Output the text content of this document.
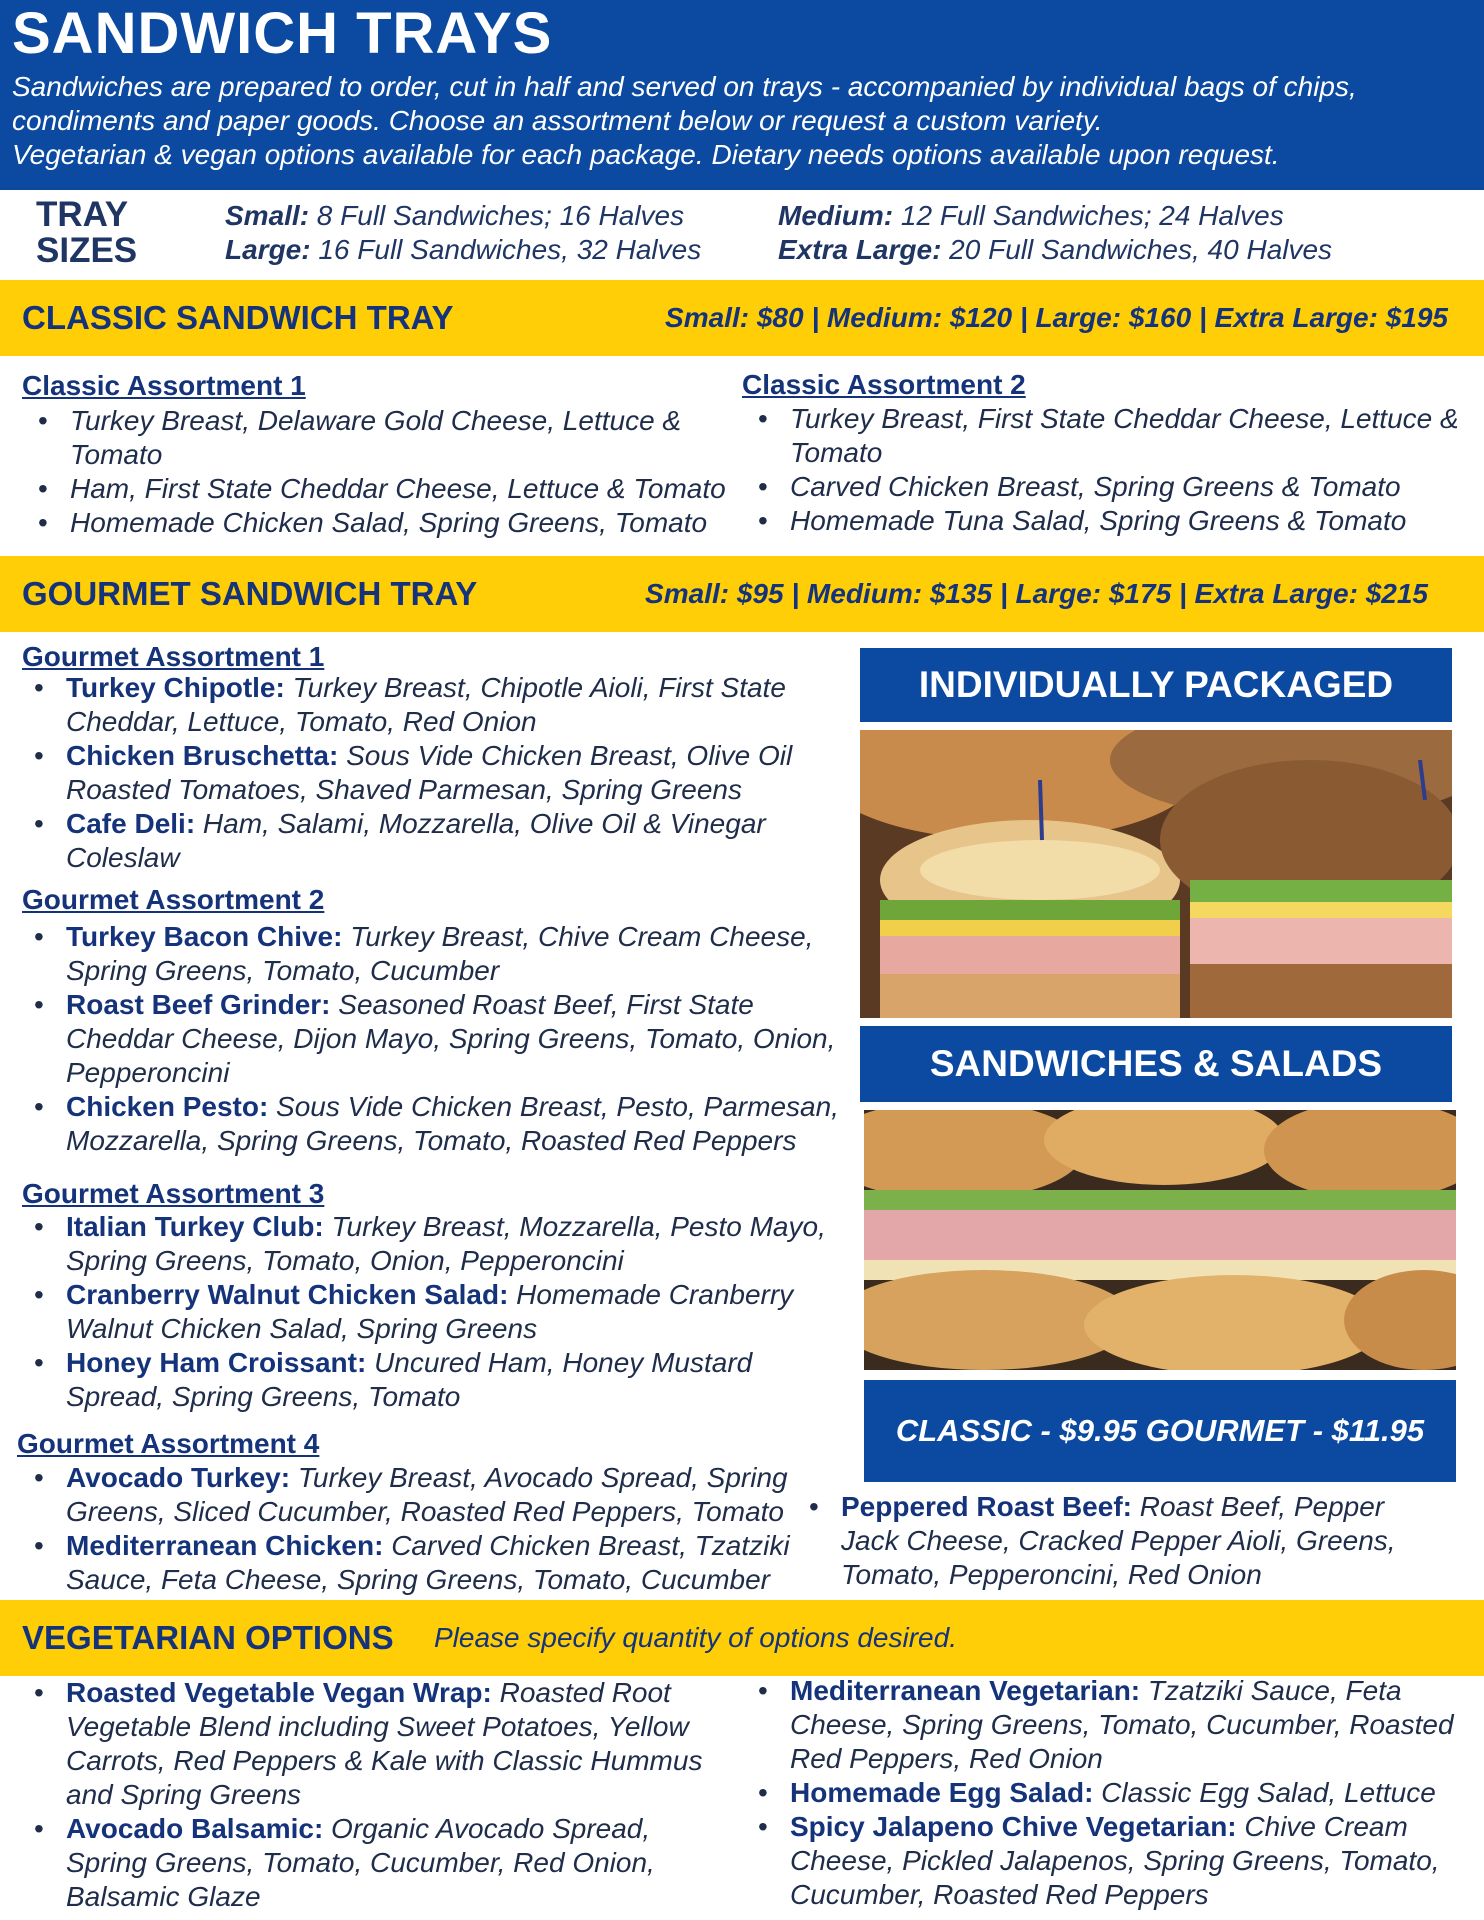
SANDWICH TRAYS
Sandwiches are prepared to order, cut in half and served on trays - accompanied by individual bags of chips,
condiments and paper goods. Choose an assortment below or request a custom variety.
Vegetarian & vegan options available for each package. Dietary needs options available upon request.
TRAY
SIZES
Small: 8 Full Sandwiches; 16 Halves
Large: 16 Full Sandwiches, 32 Halves
Medium: 12 Full Sandwiches; 24 Halves
Extra Large: 20 Full Sandwiches, 40 Halves
CLASSIC SANDWICH TRAY	Small: $80 | Medium: $120 | Large: $160 | Extra Large: $195
Classic Assortment 1
• Turkey Breast, Delaware Gold Cheese, Lettuce & Tomato
• Ham, First State Cheddar Cheese, Lettuce & Tomato
• Homemade Chicken Salad, Spring Greens, Tomato
Classic Assortment 2
• Turkey Breast, First State Cheddar Cheese, Lettuce & Tomato
• Carved Chicken Breast, Spring Greens & Tomato
• Homemade Tuna Salad, Spring Greens & Tomato
GOURMET SANDWICH TRAY	Small: $95 | Medium: $135 | Large: $175 | Extra Large: $215
Gourmet Assortment 1
• Turkey Chipotle: Turkey Breast, Chipotle Aioli, First State Cheddar, Lettuce, Tomato, Red Onion
• Chicken Bruschetta: Sous Vide Chicken Breast, Olive Oil Roasted Tomatoes, Shaved Parmesan, Spring Greens
• Cafe Deli: Ham, Salami, Mozzarella, Olive Oil & Vinegar Coleslaw
Gourmet Assortment 2
• Turkey Bacon Chive: Turkey Breast, Chive Cream Cheese, Spring Greens, Tomato, Cucumber
• Roast Beef Grinder: Seasoned Roast Beef, First State Cheddar Cheese, Dijon Mayo, Spring Greens, Tomato, Onion, Pepperoncini
• Chicken Pesto: Sous Vide Chicken Breast, Pesto, Parmesan, Mozzarella, Spring Greens, Tomato, Roasted Red Peppers
Gourmet Assortment 3
• Italian Turkey Club: Turkey Breast, Mozzarella, Pesto Mayo, Spring Greens, Tomato, Onion, Pepperoncini
• Cranberry Walnut Chicken Salad: Homemade Cranberry Walnut Chicken Salad, Spring Greens
• Honey Ham Croissant: Uncured Ham, Honey Mustard Spread, Spring Greens, Tomato
Gourmet Assortment 4
• Avocado Turkey: Turkey Breast, Avocado Spread, Spring Greens, Sliced Cucumber, Roasted Red Peppers, Tomato
• Mediterranean Chicken: Carved Chicken Breast, Tzatziki Sauce, Feta Cheese, Spring Greens, Tomato, Cucumber
• Peppered Roast Beef: Roast Beef, Pepper Jack Cheese, Cracked Pepper Aioli, Greens, Tomato, Pepperoncini, Red Onion
INDIVIDUALLY PACKAGED
SANDWICHES & SALADS
CLASSIC - $9.95 GOURMET - $11.95
VEGETARIAN OPTIONS Please specify quantity of options desired.
• Roasted Vegetable Vegan Wrap: Roasted Root Vegetable Blend including Sweet Potatoes, Yellow Carrots, Red Peppers & Kale with Classic Hummus and Spring Greens
• Avocado Balsamic: Organic Avocado Spread, Spring Greens, Tomato, Cucumber, Red Onion, Balsamic Glaze
• Mediterranean Vegetarian: Tzatziki Sauce, Feta Cheese, Spring Greens, Tomato, Cucumber, Roasted Red Peppers, Red Onion
• Homemade Egg Salad: Classic Egg Salad, Lettuce
• Spicy Jalapeno Chive Vegetarian: Chive Cream Cheese, Pickled Jalapenos, Spring Greens, Tomato, Cucumber, Roasted Red Peppers
